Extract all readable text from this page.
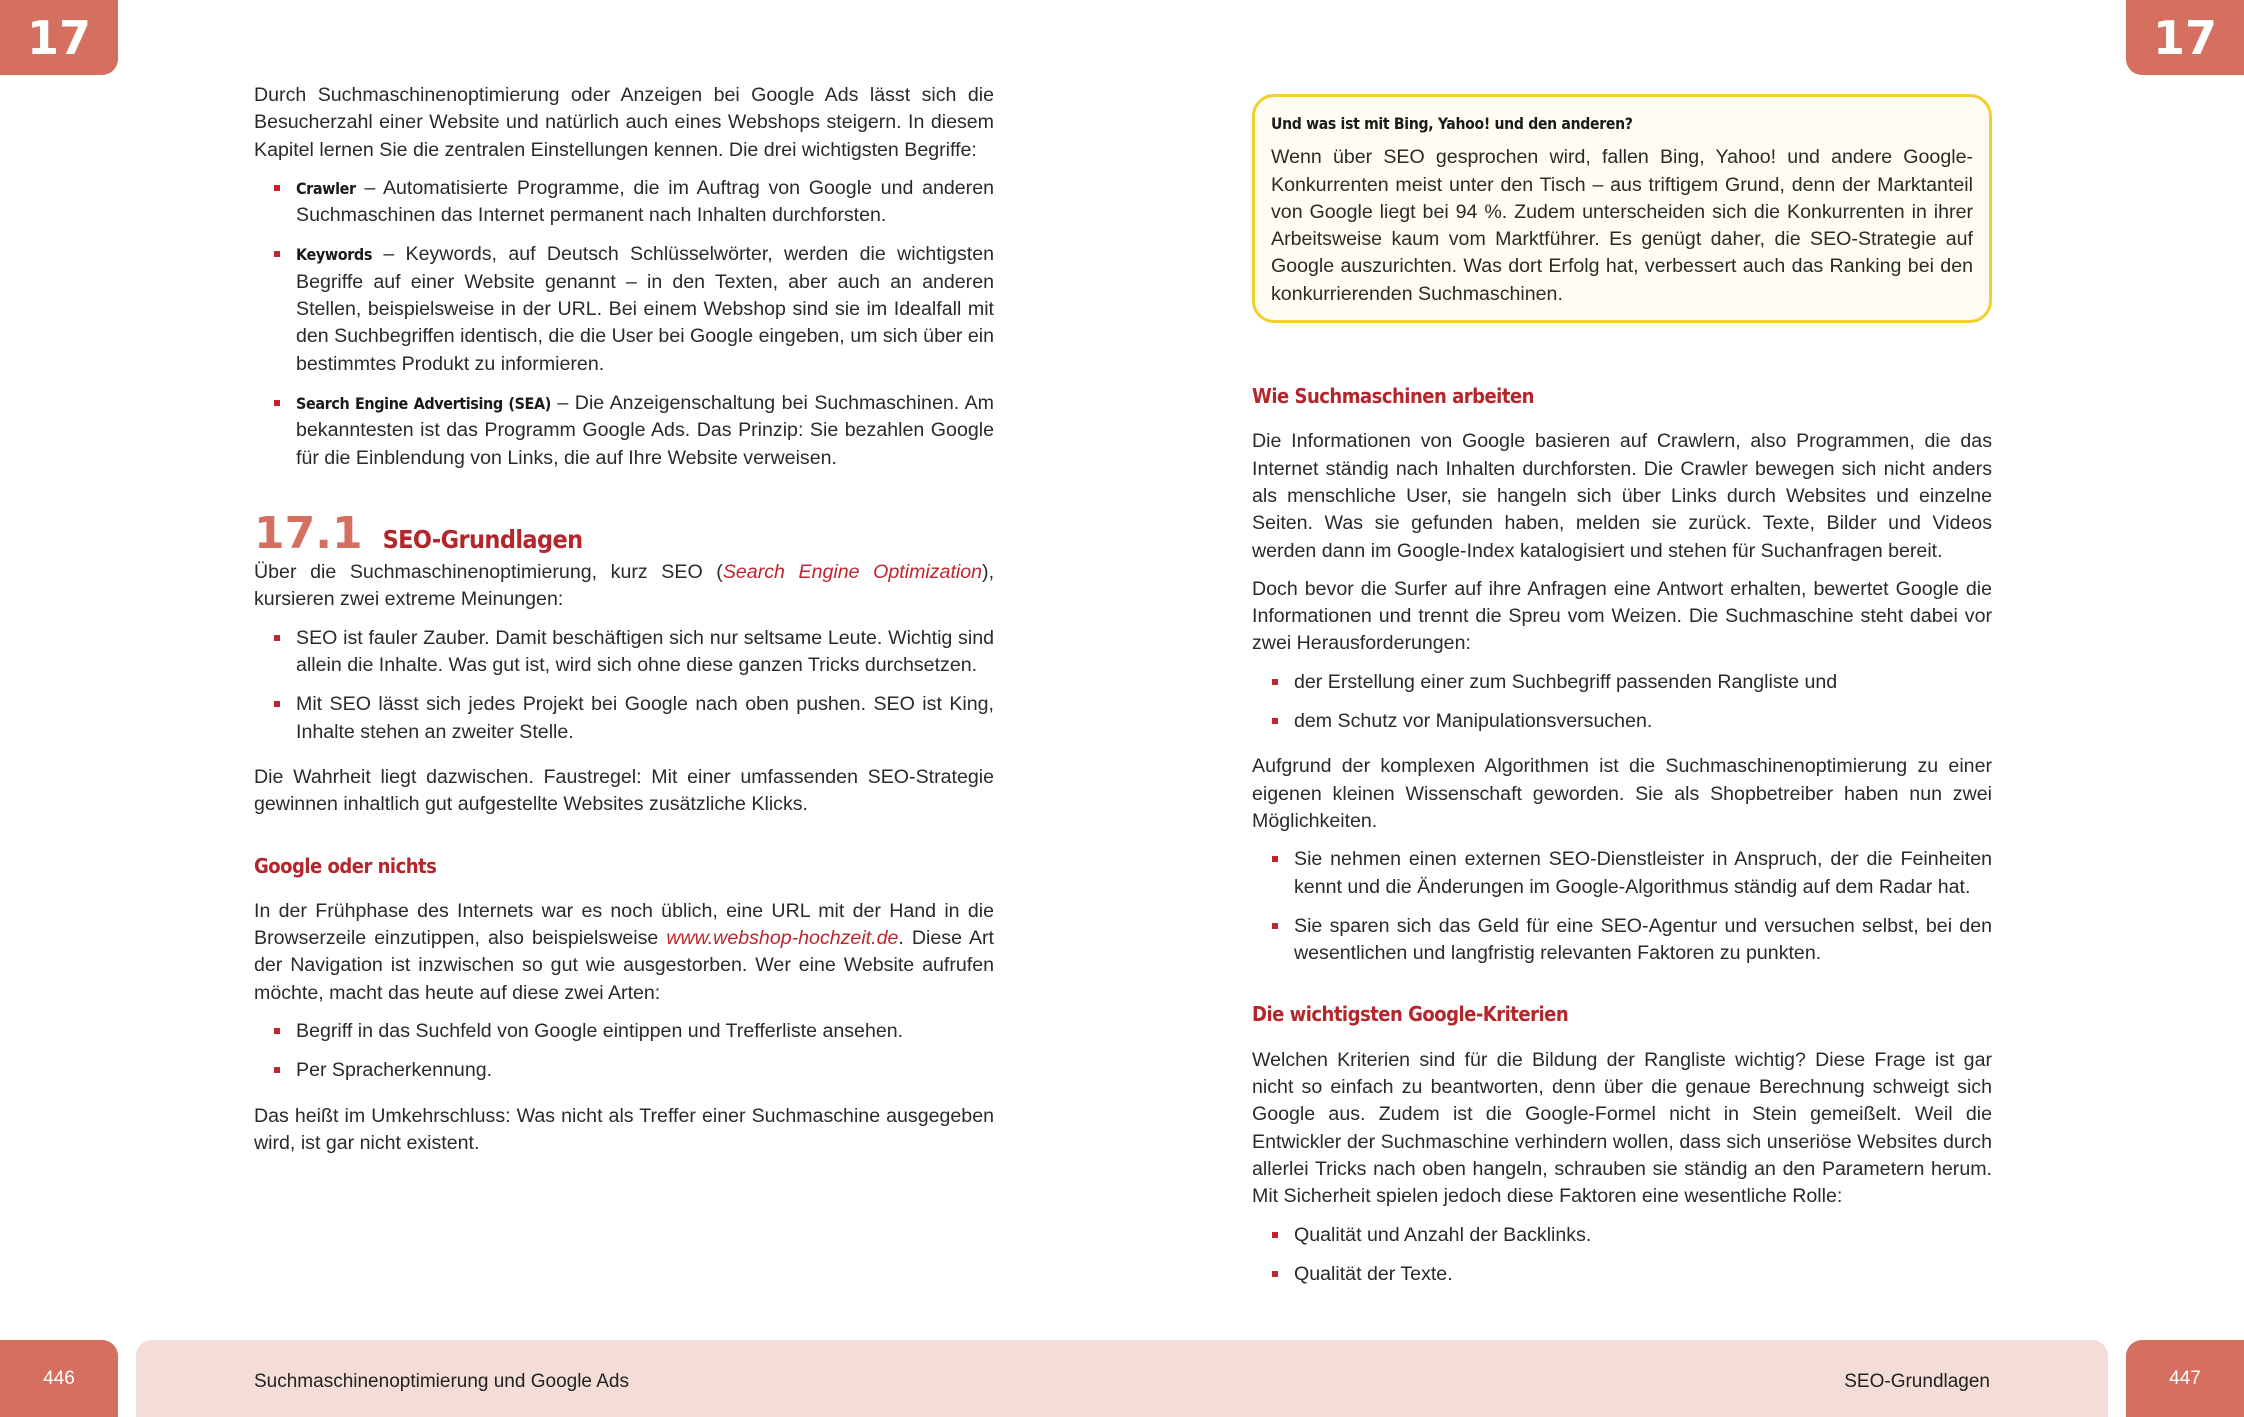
17	17

Durch Suchmaschinenoptimierung oder Anzeigen bei Google Ads lässt sich die Besucherzahl einer Website und natürlich auch eines Webshops steigern. In diesem Kapitel lernen Sie die zentralen Einstellungen kennen. Die drei wichtigsten Begriffe:

Crawler – Automatisierte Programme, die im Auftrag von Google und anderen Suchmaschinen das Internet permanent nach Inhalten durchforsten.
Keywords – Keywords, auf Deutsch Schlüsselwörter, werden die wichtigsten Begriffe auf einer Website genannt – in den Texten, aber auch an anderen Stellen, beispielsweise in der URL. Bei einem Webshop sind sie im Idealfall mit den Suchbegriffen identisch, die die User bei Google eingeben, um sich über ein bestimmtes Produkt zu informieren.
Search Engine Advertising (SEA) – Die Anzeigenschaltung bei Suchmaschinen. Am bekanntesten ist das Programm Google Ads. Das Prinzip: Sie bezahlen Google für die Einblendung von Links, die auf Ihre Website verweisen.
17.1 SEO-Grundlagen

Über die Suchmaschinenoptimierung, kurz SEO (Search Engine Optimization), kursieren zwei extreme Meinungen:

SEO ist fauler Zauber. Damit beschäftigen sich nur seltsame Leute. Wichtig sind allein die Inhalte. Was gut ist, wird sich ohne diese ganzen Tricks durchsetzen.
Mit SEO lässt sich jedes Projekt bei Google nach oben pushen. SEO ist King, Inhalte stehen an zweiter Stelle.

Die Wahrheit liegt dazwischen. Faustregel: Mit einer umfassenden SEO-Strategie gewinnen inhaltlich gut aufgestellte Websites zusätzliche Klicks.

Google oder nichts

In der Frühphase des Internets war es noch üblich, eine URL mit der Hand in die Browserzeile einzutippen, also beispielsweise www.webshop-hochzeit.de. Diese Art der Navigation ist inzwischen so gut wie ausgestorben. Wer eine Website aufrufen möchte, macht das heute auf diese zwei Arten:

Begriff in das Suchfeld von Google eintippen und Trefferliste ansehen.
Per Spracherkennung.

Das heißt im Umkehrschluss: Was nicht als Treffer einer Suchmaschine ausgegeben wird, ist gar nicht existent.

Und was ist mit Bing, Yahoo! und den anderen?

Wenn über SEO gesprochen wird, fallen Bing, Yahoo! und andere Google-Konkurrenten meist unter den Tisch – aus triftigem Grund, denn der Marktanteil von Google liegt bei 94 %. Zudem unterscheiden sich die Konkurrenten in ihrer Arbeitsweise kaum vom Marktführer. Es genügt daher, die SEO-Strategie auf Google auszurichten. Was dort Erfolg hat, verbessert auch das Ranking bei den konkurrierenden Suchmaschinen.

Wie Suchmaschinen arbeiten

Die Informationen von Google basieren auf Crawlern, also Programmen, die das Internet ständig nach Inhalten durchforsten. Die Crawler bewegen sich nicht anders als menschliche User, sie hangeln sich über Links durch Websites und einzelne Seiten. Was sie gefunden haben, melden sie zurück. Texte, Bilder und Videos werden dann im Google-Index katalogisiert und stehen für Suchanfragen bereit.

Doch bevor die Surfer auf ihre Anfragen eine Antwort erhalten, bewertet Google die Informationen und trennt die Spreu vom Weizen. Die Suchmaschine steht dabei vor zwei Herausforderungen:

der Erstellung einer zum Suchbegriff passenden Rangliste und
dem Schutz vor Manipulationsversuchen.

Aufgrund der komplexen Algorithmen ist die Suchmaschinenoptimierung zu einer eigenen kleinen Wissenschaft geworden. Sie als Shopbetreiber haben nun zwei Möglichkeiten.

Sie nehmen einen externen SEO-Dienstleister in Anspruch, der die Feinheiten kennt und die Änderungen im Google-Algorithmus ständig auf dem Radar hat.
Sie sparen sich das Geld für eine SEO-Agentur und versuchen selbst, bei den wesentlichen und langfristig relevanten Faktoren zu punkten.
Die wichtigsten Google-Kriterien

Welchen Kriterien sind für die Bildung der Rangliste wichtig? Diese Frage ist gar nicht so einfach zu beantworten, denn über die genaue Berechnung schweigt sich Google aus. Zudem ist die Google-Formel nicht in Stein gemeißelt. Weil die Entwickler der Suchmaschine verhindern wollen, dass sich unseriöse Websites durch allerlei Tricks nach oben hangeln, schrauben sie ständig an den Parametern herum. Mit Sicherheit spielen jedoch diese Faktoren eine wesentliche Rolle:

Qualität und Anzahl der Backlinks.
Qualität der Texte.
446	447
Suchmaschinenoptimierung und Google Ads	SEO-Grundlagen
